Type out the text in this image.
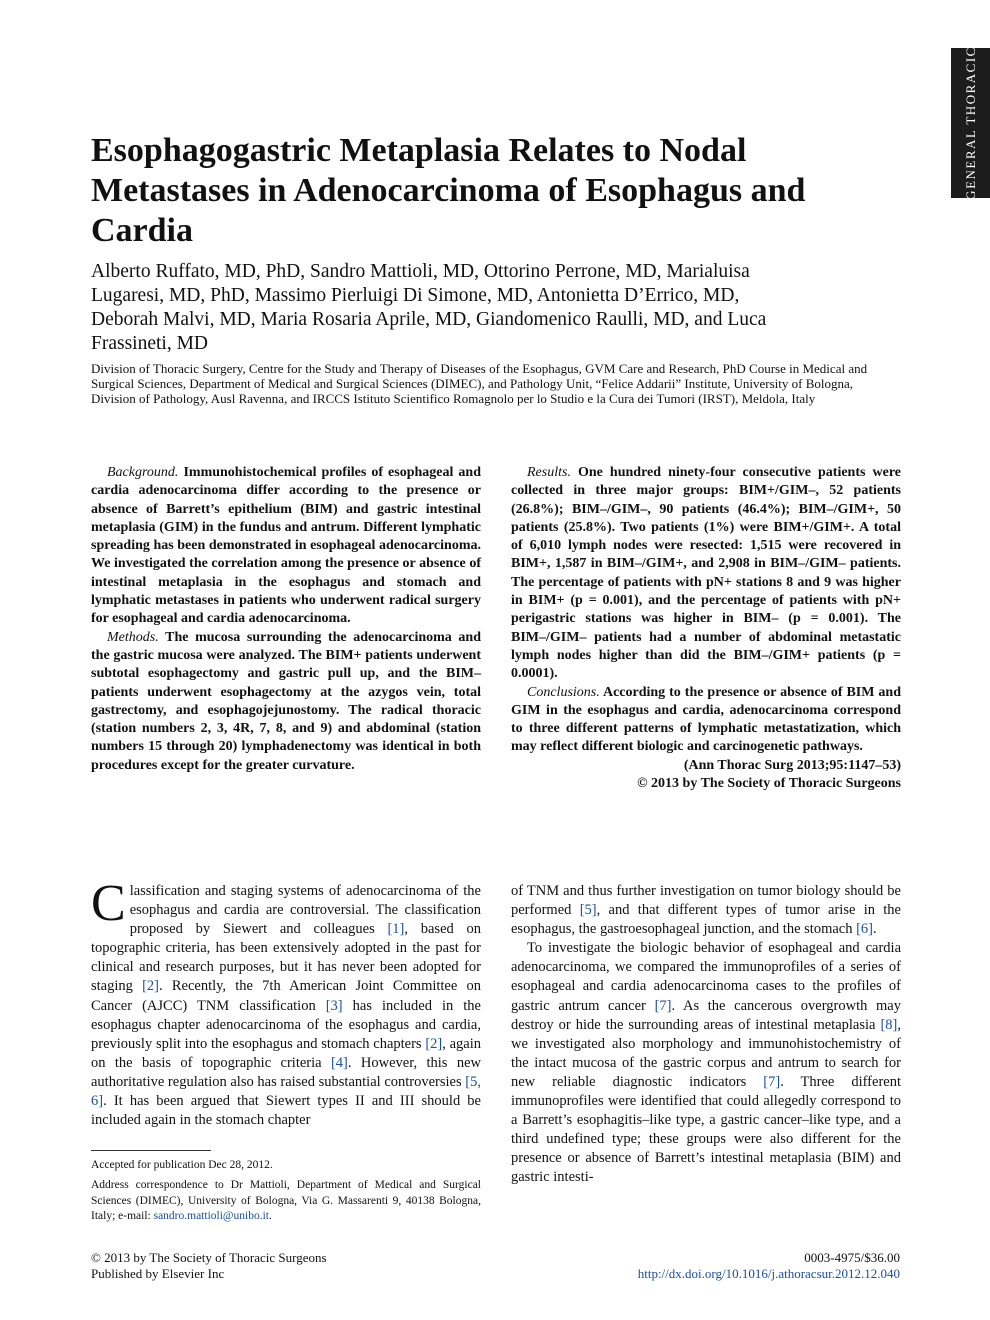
GENERAL THORACIC
Esophagogastric Metaplasia Relates to Nodal Metastases in Adenocarcinoma of Esophagus and Cardia
Alberto Ruffato, MD, PhD, Sandro Mattioli, MD, Ottorino Perrone, MD, Marialuisa Lugaresi, MD, PhD, Massimo Pierluigi Di Simone, MD, Antonietta D’Errico, MD, Deborah Malvi, MD, Maria Rosaria Aprile, MD, Giandomenico Raulli, MD, and Luca Frassineti, MD
Division of Thoracic Surgery, Centre for the Study and Therapy of Diseases of the Esophagus, GVM Care and Research, PhD Course in Medical and Surgical Sciences, Department of Medical and Surgical Sciences (DIMEC), and Pathology Unit, “Felice Addarii” Institute, University of Bologna, Division of Pathology, Ausl Ravenna, and IRCCS Istituto Scientifico Romagnolo per lo Studio e la Cura dei Tumori (IRST), Meldola, Italy

Background. Immunohistochemical profiles of esophageal and cardia adenocarcinoma differ according to the presence or absence of Barrett’s epithelium (BIM) and gastric intestinal metaplasia (GIM) in the fundus and antrum. Different lymphatic spreading has been demonstrated in esophageal adenocarcinoma. We investigated the correlation among the presence or absence of intestinal metaplasia in the esophagus and stomach and lymphatic metastases in patients who underwent radical surgery for esophageal and cardia adenocarcinoma.

Methods. The mucosa surrounding the adenocarcinoma and the gastric mucosa were analyzed. The BIM+ patients underwent subtotal esophagectomy and gastric pull up, and the BIM– patients underwent esophagectomy at the azygos vein, total gastrectomy, and esophagojejunostomy. The radical thoracic (station numbers 2, 3, 4R, 7, 8, and 9) and abdominal (station numbers 15 through 20) lymphadenectomy was identical in both procedures except for the greater curvature.

Results. One hundred ninety-four consecutive patients were collected in three major groups: BIM+/GIM–, 52 patients (26.8%); BIM–/GIM–, 90 patients (46.4%); BIM–/GIM+, 50 patients (25.8%). Two patients (1%) were BIM+/GIM+. A total of 6,010 lymph nodes were resected: 1,515 were recovered in BIM+, 1,587 in BIM–/GIM+, and 2,908 in BIM–/GIM– patients. The percentage of patients with pN+ stations 8 and 9 was higher in BIM+ (p = 0.001), and the percentage of patients with pN+ perigastric stations was higher in BIM– (p = 0.001). The BIM–/GIM– patients had a number of abdominal metastatic lymph nodes higher than did the BIM–/GIM+ patients (p = 0.0001).

Conclusions. According to the presence or absence of BIM and GIM in the esophagus and cardia, adenocarcinoma correspond to three different patterns of lymphatic metastatization, which may reflect different biologic and carcinogenetic pathways.

(Ann Thorac Surg 2013;95:1147–53)
© 2013 by The Society of Thoracic Surgeons

Classification and staging systems of adenocarcinoma of the esophagus and cardia are controversial. The classification proposed by Siewert and colleagues [1], based on topographic criteria, has been extensively adopted in the past for clinical and research purposes, but it has never been adopted for staging [2]. Recently, the 7th American Joint Committee on Cancer (AJCC) TNM classification [3] has included in the esophagus chapter adenocarcinoma of the esophagus and cardia, previously split into the esophagus and stomach chapters [2], again on the basis of topographic criteria [4]. However, this new authoritative regulation also has raised substantial controversies [5, 6]. It has been argued that Siewert types II and III should be included again in the stomach chapter

of TNM and thus further investigation on tumor biology should be performed [5], and that different types of tumor arise in the esophagus, the gastroesophageal junction, and the stomach [6].

To investigate the biologic behavior of esophageal and cardia adenocarcinoma, we compared the immunoprofiles of a series of esophageal and cardia adenocarcinoma cases to the profiles of gastric antrum cancer [7]. As the cancerous overgrowth may destroy or hide the surrounding areas of intestinal metaplasia [8], we investigated also morphology and immunohistochemistry of the intact mucosa of the gastric corpus and antrum to search for new reliable diagnostic indicators [7]. Three different immunoprofiles were identified that could allegedly correspond to a Barrett’s esophagitis–like type, a gastric cancer–like type, and a third undefined type; these groups were also different for the presence or absence of Barrett’s intestinal metaplasia (BIM) and gastric intesti-

Accepted for publication Dec 28, 2012.

Address correspondence to Dr Mattioli, Department of Medical and Surgical Sciences (DIMEC), University of Bologna, Via G. Massarenti 9, 40138 Bologna, Italy; e-mail: sandro.mattioli@unibo.it.

© 2013 by The Society of Thoracic Surgeons
Published by Elsevier Inc
0003-4975/$36.00
http://dx.doi.org/10.1016/j.athoracsur.2012.12.040
